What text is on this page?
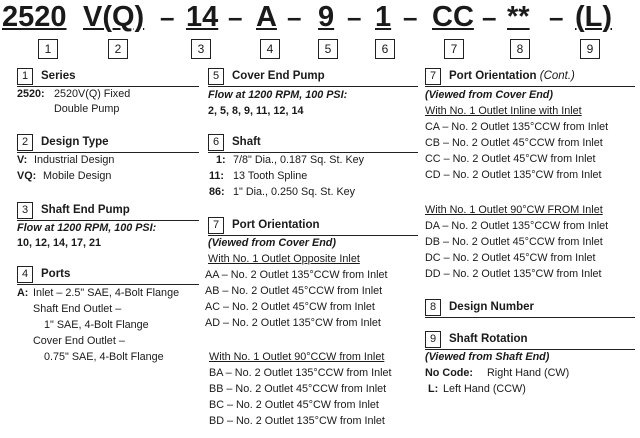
2520 V(Q) – 14 – A – 9 – 1 – CC – ** – (L)
1	2	3	4	5	6	7	8	9
1	Series
2520: 2520V(Q) Fixed
Double Pump
2	Design Type
V: Industrial Design
VQ: Mobile Design
3	Shaft End Pump
Flow at 1200 RPM, 100 PSI:
10, 12, 14, 17, 21
4	Ports
A: Inlet – 2.5" SAE, 4-Bolt Flange
Shaft End Outlet –
1" SAE, 4-Bolt Flange
Cover End Outlet –
0.75" SAE, 4-Bolt Flange
5	Cover End Pump
Flow at 1200 RPM, 100 PSI:
2, 5, 8, 9, 11, 12, 14
6	Shaft
1: 7/8" Dia., 0.187 Sq. St. Key
11: 13 Tooth Spline
86: 1" Dia., 0.250 Sq. St. Key
7	Port Orientation
(Viewed from Cover End)
With No. 1 Outlet Opposite Inlet
AA – No. 2 Outlet 135°CCW from Inlet
AB – No. 2 Outlet 45°CCW from Inlet
AC – No. 2 Outlet 45°CW from Inlet
AD – No. 2 Outlet 135°CW from Inlet
With No. 1 Outlet 90°CCW from Inlet
BA – No. 2 Outlet 135°CCW from Inlet
BB – No. 2 Outlet 45°CCW from Inlet
BC – No. 2 Outlet 45°CW from Inlet
BD – No. 2 Outlet 135°CW from Inlet
7	Port Orientation (Cont.)
(Viewed from Cover End)
With No. 1 Outlet Inline with Inlet
CA – No. 2 Outlet 135°CCW from Inlet
CB – No. 2 Outlet 45°CCW from Inlet
CC – No. 2 Outlet 45°CW from Inlet
CD – No. 2 Outlet 135°CW from Inlet
With No. 1 Outlet 90°CW FROM Inlet
DA – No. 2 Outlet 135°CCW from Inlet
DB – No. 2 Outlet 45°CCW from Inlet
DC – No. 2 Outlet 45°CW from Inlet
DD – No. 2 Outlet 135°CW from Inlet
8	Design Number
9	Shaft Rotation
(Viewed from Shaft End)
No Code: Right Hand (CW)
L: Left Hand (CCW)
